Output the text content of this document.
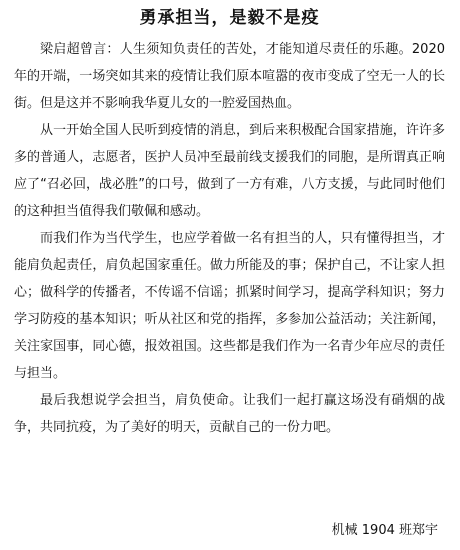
勇承担当，是毅不是疫

梁启超曾言：人生须知负责任的苦处，才能知道尽责任的乐趣。2020年的开端，一场突如其来的疫情让我们原本喧嚣的夜市变成了空无一人的长街。但是这并不影响我华夏儿女的一腔爱国热血。

从一开始全国人民听到疫情的消息，到后来积极配合国家措施，许许多多的普通人，志愿者，医护人员冲至最前线支援我们的同胞，是所谓真正响应了“召必回，战必胜”的口号，做到了一方有难，八方支援，与此同时他们的这种担当值得我们敬佩和感动。

而我们作为当代学生，也应学着做一名有担当的人，只有懂得担当，才能肩负起责任，肩负起国家重任。做力所能及的事；保护自己，不让家人担心；做科学的传播者，不传谣不信谣；抓紧时间学习，提高学科知识；努力学习防疫的基本知识；听从社区和党的指挥，多参加公益活动；关注新闻，关注家国事，同心德，报效祖国。这些都是我们作为一名青少年应尽的责任与担当。

最后我想说学会担当，肩负使命。让我们一起打赢这场没有硝烟的战争，共同抗疫，为了美好的明天，贡献自己的一份力吧。

机械 1904 班郑宇
